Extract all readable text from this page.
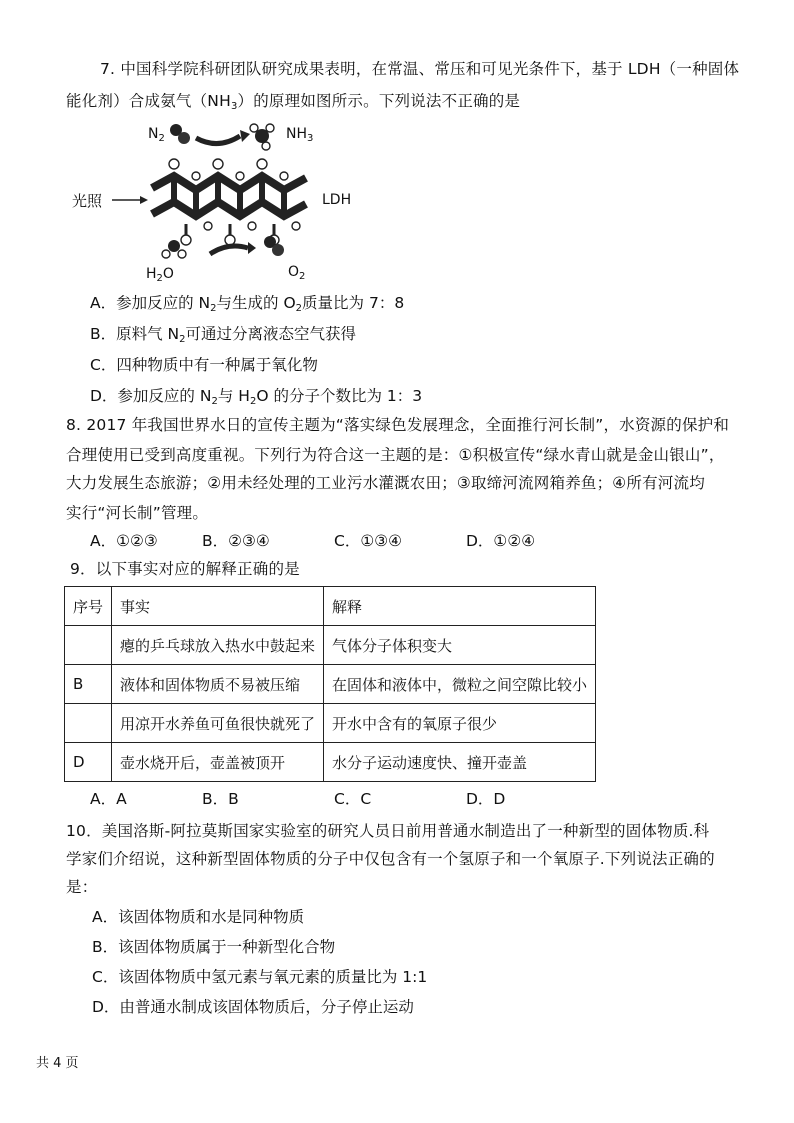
7. 中国科学院科研团队研究成果表明，在常温、常压和可见光条件下，基于 LDH（一种固体
能化剂）合成氨气$(NH_3)$的原理如图所示。下列说法不正确的是
$N_2$	$NH_3$
光照	LDH
$H_2O$	$O_2$
A．参加反应的 $N_2$与生成的 $O_2$质量比为 7：8
B．原料气 $N_2$可通过分离液态空气获得
C．四种物质中有一种属于氧化物
D．参加反应的 $N_2$与 $H_2O$ 的分子个数比为 1：3
8. 2017 年我国世界水日的宣传主题为“落实绿色发展理念，全面推行河长制”，水资源的保护和
合理使用已受到高度重视。下列行为符合这一主题的是：①积极宣传“绿水青山就是金山银山”，
大力发展生态旅游；②用未经处理的工业污水灌溉农田；③取缔河流网箱养鱼；④所有河流均
实行“河长制”管理。
A．①②③	B．②③④	C．①③④	D．①②④
9．以下事实对应的解释正确的是
序号	事实	解释
	瘪的乒乓球放入热水中鼓起来	气体分子体积变大
B	液体和固体物质不易被压缩	在固体和液体中，微粒之间空隙比较小
	用凉开水养鱼可鱼很快就死了	开水中含有的氧原子很少
D	壶水烧开后，壶盖被顶开	水分子运动速度快、撞开壶盖
A．A	B．B	C．C	D．D
10．美国洛斯-阿拉莫斯国家实验室的研究人员日前用普通水制造出了一种新型的固体物质.科
学家们介绍说，这种新型固体物质的分子中仅包含有一个氢原子和一个氧原子.下列说法正确的
是：
A．该固体物质和水是同种物质
B．该固体物质属于一种新型化合物
C．该固体物质中氢元素与氧元素的质量比为 1:1
D．由普通水制成该固体物质后，分子停止运动
共 4 页
